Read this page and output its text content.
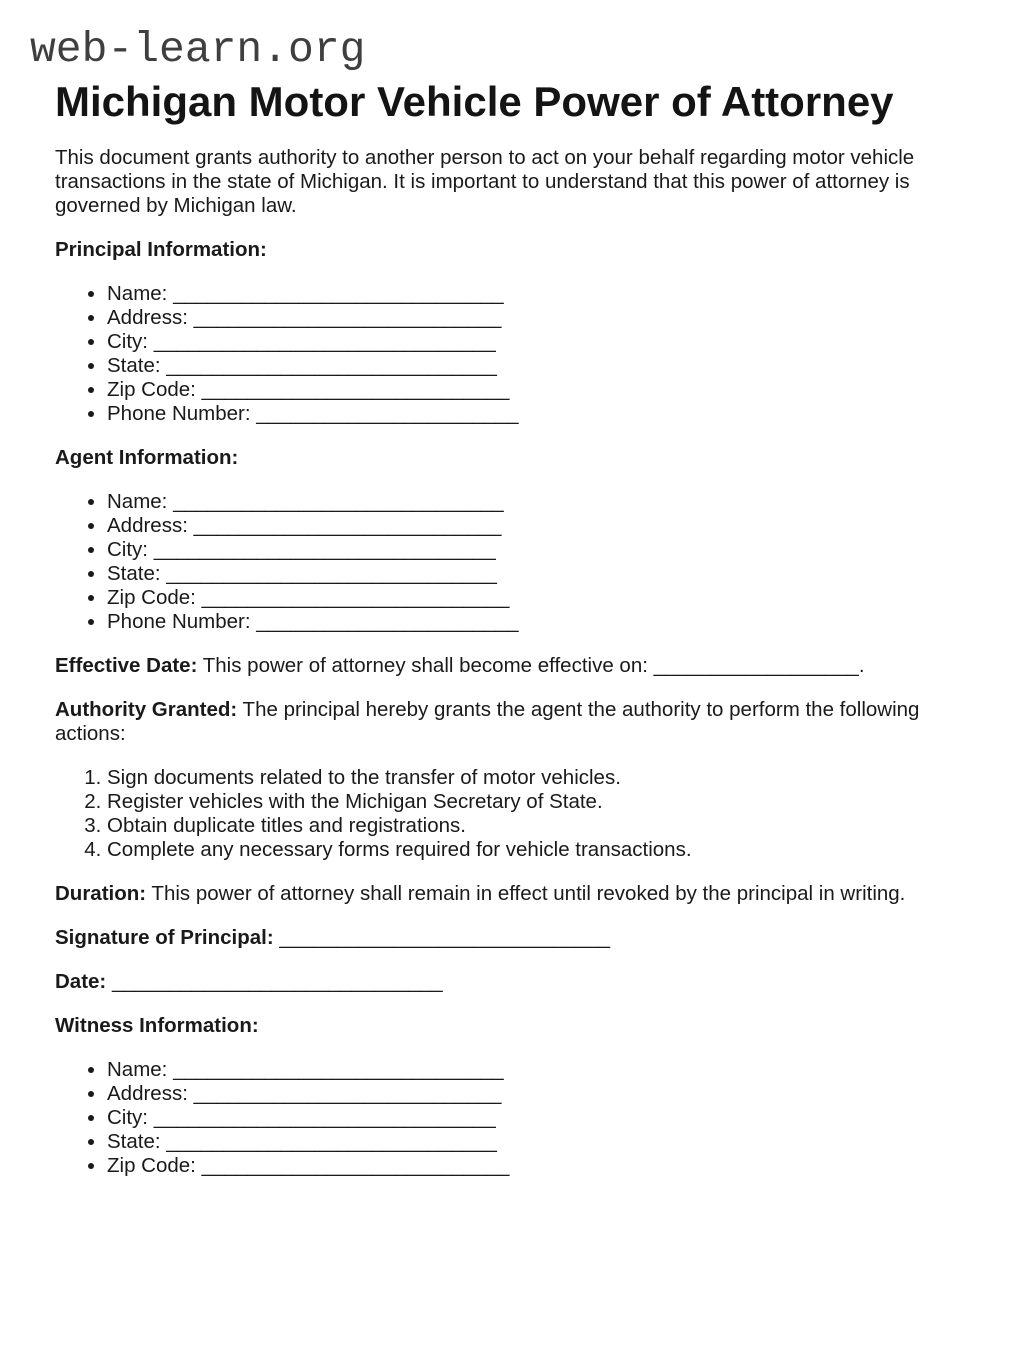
web-learn.org
Michigan Motor Vehicle Power of Attorney

This document grants authority to another person to act on your behalf regarding motor vehicle transactions in the state of Michigan. It is important to understand that this power of attorney is governed by Michigan law.

Principal Information:
• Name: _____________________________
• Address: ___________________________
• City: ______________________________
• State: _____________________________
• Zip Code: ___________________________
• Phone Number: _______________________
Agent Information:
• Name: _____________________________
• Address: ___________________________
• City: ______________________________
• State: _____________________________
• Zip Code: ___________________________
• Phone Number: _______________________

Effective Date: This power of attorney shall become effective on: __________________.

Authority Granted: The principal hereby grants the agent the authority to perform the following actions:

1. Sign documents related to the transfer of motor vehicles.
2. Register vehicles with the Michigan Secretary of State.
3. Obtain duplicate titles and registrations.
4. Complete any necessary forms required for vehicle transactions.

Duration: This power of attorney shall remain in effect until revoked by the principal in writing.

Signature of Principal: _____________________________

Date: _____________________________

Witness Information:
• Name: _____________________________
• Address: ___________________________
• City: ______________________________
• State: _____________________________
• Zip Code: ___________________________
